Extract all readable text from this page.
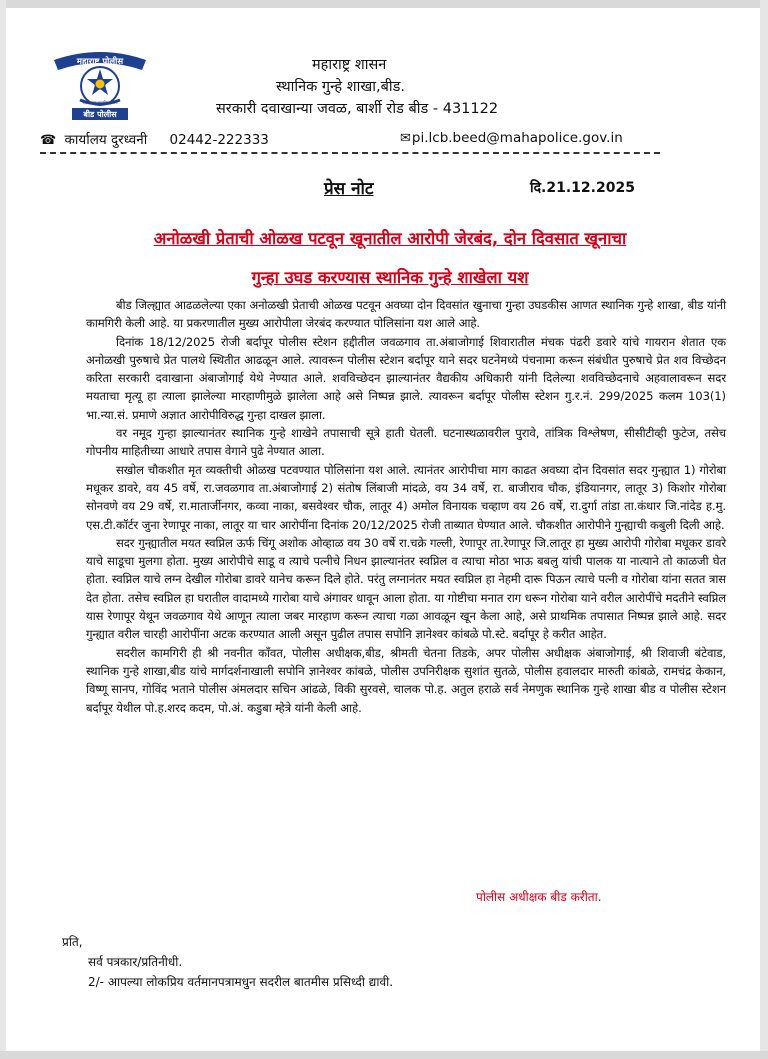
महाराष्ट्र पोलीस
सद्रक्षणाय खलनिग्रहणाय
बीड पोलीस
महाराष्ट्र शासन
स्थानिक गुन्हे शाखा,बीड.
सरकारी दवाखान्या जवळ, बार्शी रोड बीड - 431122
☎ कार्यालय दुरध्वनी 02442-222333	✉pi.lcb.beed@mahapolice.gov.in
प्रेस नोट	दि.21.12.2025
अनोळखी प्रेताची ओळख पटवून खूनातील आरोपी जेरबंद, दोन दिवसात खूनाचा
गुन्हा उघड करण्यास स्थानिक गुन्हे शाखेला यश

बीड जिल्ह्यात आढळलेल्या एका अनोळखी प्रेताची ओळख पटवून अवघ्या दोन दिवसांत खुनाचा गुन्हा उघडकीस आणत स्थानिक गुन्हे शाखा, बीड यांनी कामगिरी केली आहे. या प्रकरणातील मुख्य आरोपीला जेरबंद करण्यात पोलिसांना यश आले आहे.

दिनांक 18/12/2025 रोजी बर्दापूर पोलीस स्टेशन हद्दीतील जवळगाव ता.अंबाजोगाई शिवारातील मंचक पंढरी डवारे यांचे गायरान शेतात एक अनोळखी पुरुषाचे प्रेत पालथे स्थितीत आढळून आले. त्यावरून पोलीस स्टेशन बर्दापूर याने सदर घटनेमध्ये पंचनामा करून संबंधीत पुरुषाचे प्रेत शव विच्छेदन करिता सरकारी दवाखाना अंबाजोगाई येथे नेण्यात आले. शवविच्छेदन झाल्यानंतर वैद्यकीय अधिकारी यांनी दिलेल्या शवविच्छेदनाचे अहवालावरून सदर मयताचा मृत्यू हा त्याला झालेल्या मारहाणीमुळे झालेला आहे असे निष्पन्न झाले. त्यावरून बर्दापूर पोलीस स्टेशन गु.र.नं. 299/2025 कलम 103(1) भा.न्या.सं. प्रमाणे अज्ञात आरोपीविरुद्ध गुन्हा दाखल झाला.

वर नमूद गुन्हा झाल्यानंतर स्थानिक गुन्हे शाखेने तपासाची सूत्रे हाती घेतली. घटनास्थळावरील पुरावे, तांत्रिक विश्लेषण, सीसीटीव्ही फुटेज, तसेच गोपनीय माहितीच्या आधारे तपास वेगाने पुढे नेण्यात आला.

सखोल चौकशीत मृत व्यक्तीची ओळख पटवण्यात पोलिसांना यश आले. त्यानंतर आरोपीचा माग काढत अवघ्या दोन दिवसांत सदर गुन्ह्यात 1) गोरोबा मधूकर डावरे, वय 45 वर्षे, रा.जवळगाव ता.अंबाजोगाई 2) संतोष लिंबाजी मांदळे, वय 34 वर्षे, रा. बाजीराव चौक, इंडियानगर, लातूर 3) किशोर गोरोबा सोनवणे वय 29 वर्षे, रा.मातार्जीनगर, कव्वा नाका, बसवेश्वर चौक, लातूर 4) अमोल विनायक चव्हाण वय 26 वर्षे, रा.दुर्गा तांडा ता.कंधार जि.नांदेड ह.मु. एस.टी.कॉर्टर जुना रेणापूर नाका, लातूर या चार आरोपींना दिनांक 20/12/2025 रोजी ताब्यात घेण्यात आले. चौकशीत आरोपीने गुन्ह्याची कबुली दिली आहे.

सदर गुन्ह्यातील मयत स्वप्निल ऊर्फ चिंगू अशोक ओव्हाळ वय 30 वर्षे रा.चक्रे गल्ली, रेणापूर ता.रेणापूर जि.लातूर हा मुख्य आरोपी गोरोबा मधूकर डावरे याचे साडूचा मुलगा होता. मुख्य आरोपीचे साडू व त्याचे पत्नीचे निधन झाल्यानंतर स्वप्निल व त्याचा मोठा भाऊ बबलु यांची पालक या नात्याने तो काळजी घेत होता. स्वप्निल याचे लग्न देखील गोरोबा डावरे यानेच करून दिले होते. परंतु लग्नानंतर मयत स्वप्निल हा नेहमी दारू पिऊन त्याचे पत्नी व गोरोबा यांना सतत त्रास देत होता. तसेच स्वप्निल हा घरातील वादामध्ये गारोबा याचे अंगावर धावून आला होता. या गोष्टीचा मनात राग धरून गोरोबा याने वरील आरोपींचे मदतीने स्वप्निल यास रेणापूर येथून जवळगाव येथे आणून त्याला जबर मारहाण करून त्याचा गळा आवळून खून केला आहे, असे प्राथमिक तपासात निष्पन्न झाले आहे. सदर गुन्ह्यात वरील चारही आरोपींना अटक करण्यात आली असून पुढील तपास सपोनि ज्ञानेश्वर कांबळे पो.स्टे. बर्दापूर हे करीत आहेत.

सदरील कामगिरी ही श्री नवनीत कॉंवत, पोलीस अधीक्षक,बीड, श्रीमती चेतना तिडके, अपर पोलीस अधीक्षक अंबाजोगाई, श्री शिवाजी बंटेवाड, स्थानिक गुन्हे शाखा,बीड यांचे मार्गदर्शनाखाली सपोनि ज्ञानेश्वर कांबळे, पोलीस उपनिरीक्षक सुशांत सुतळे, पोलीस हवालदार मारुती कांबळे, रामचंद्र केकान, विष्णू सानप, गोविंद भताने पोलीस अंमलदार सचिन आंढळे, विकी सुरवसे, चालक पो.ह. अतुल हराळे सर्व नेमणुक स्थानिक गुन्हे शाखा बीड व पोलीस स्टेशन बर्दापूर येथील पो.ह.शरद कदम, पो.अं. कडुबा म्हेत्रे यांनी केली आहे.

पोलीस अधीक्षक बीड करीता.
प्रति,
सर्व पत्रकार/प्रतिनीधी.
2/- आपल्या लोकप्रिय वर्तमानपत्रामधुन सदरील बातमीस प्रसिध्दी द्यावी.
